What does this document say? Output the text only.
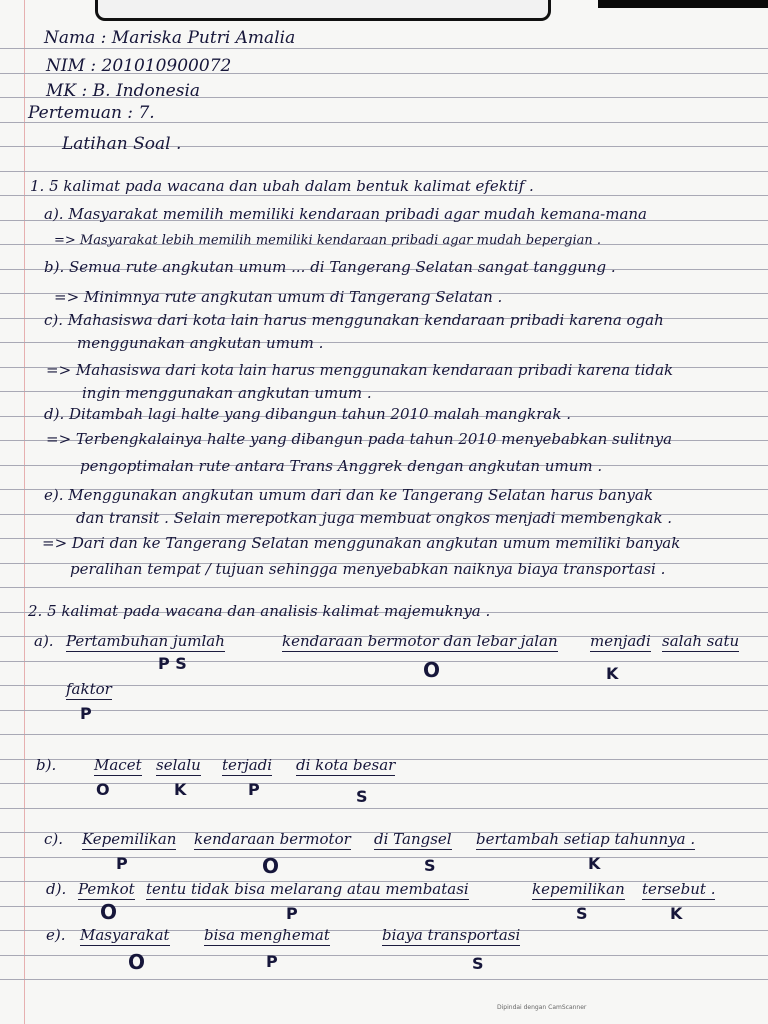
Nama : Mariska Putri Amalia
NIM : 201010900072
MK : B. Indonesia
Pertemuan : 7.
Latihan Soal .
1. 5 kalimat pada wacana dan ubah dalam bentuk kalimat efektif .
a). Masyarakat memilih memiliki kendaraan pribadi agar mudah kemana-mana
=> Masyarakat lebih memilih memiliki kendaraan pribadi agar mudah bepergian .
b). Semua rute angkutan umum ... di Tangerang Selatan sangat tanggung .
=> Minimnya rute angkutan umum di Tangerang Selatan .
c). Mahasiswa dari kota lain harus menggunakan kendaraan pribadi karena ogah
menggunakan angkutan umum .
=> Mahasiswa dari kota lain harus menggunakan kendaraan pribadi karena tidak
ingin menggunakan angkutan umum .
d). Ditambah lagi halte yang dibangun tahun 2010 malah mangkrak .
=> Terbengkalainya halte yang dibangun pada tahun 2010 menyebabkan sulitnya
pengoptimalan rute antara Trans Anggrek dengan angkutan umum .
e). Menggunakan angkutan umum dari dan ke Tangerang Selatan harus banyak
dan transit . Selain merepotkan juga membuat ongkos menjadi membengkak .
=> Dari dan ke Tangerang Selatan menggunakan angkutan umum memiliki banyak
peralihan tempat / tujuan sehingga menyebabkan naiknya biaya transportasi .
2. 5 kalimat pada wacana dan analisis kalimat majemuknya .
a). Pertambuhan jumlah	kendaraan bermotor dan lebar jalan menjadi salah satu
faktor
P S	O	K
P
b).	Macet selalu terjadi di kota besar
O	K	P	S
c). Kepemilikan kendaraan bermotor di Tangsel bertambah setiap tahunnya .
P	O	S	K
d). Pemkot tentu tidak bisa melarang atau membatasi	kepemilikan tersebut .
O	P	S	K
e). Masyarakat bisa menghemat	biaya transportasi
O	P	S
Dipindai dengan CamScanner
